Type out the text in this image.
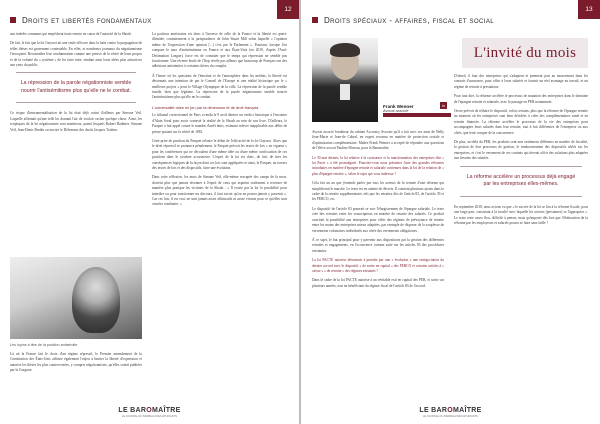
Droits et libertés fondamentaux
12

aux intérêts communs qui empêchent toute remise en cause de l'autorité de la Shoah.

De fait, le fait que la loi Gayssot ait une seule efficace dans la lutte contre la propagation de telles thèses est gravement contestable. En effet, et nombreux journaux du négationnisme l'invoquent. Reconnaître leur condamnation comme une preuve de la vérité de leurs propos et de la volonté du « système » de les faire taire, rendant ainsi leurs idées plus attractives aux yeux du public.

La répression de la parole négationniste semble nourrir l'antisémitisme plus qu'elle ne le combat.

Ce risque d'instrumentalisation de la loi était déjà craint d'ailleurs par Simone Veil. Laquelle affirmait qu'une telle loi donnait l'air de vouloir cacher quelque chose. Ainsi, les sceptiques de la loi négationniste sont nombreux, parmi lesquels Robert Badinter, Simone Veil, Jean-Denis Bredin ou encore le Défenseur des droits Jacques Toubon.

Les lopins à titre de la position antisémite

Là où la France fait le choix d'un régime répressif, le Premier amendement de la Constitution des États-Unis affirme également l'enjeu à limiter la liberté d'expression et autorise les thèses les plus controversées, y compris négationnistes, qu'elles soient publiées par la Gorgone.

La position américaine est donc à l'inverse de celle de la France et la liberté est quasi-illimitée, contrairement à la jurisprudence de John Stuart Mill selon laquelle « l'opinion même de l'expression d'une opinion [...] c'est par le Parlement ». Pourtant, lorsque l'on compare le taux d'antisémitisme en France et aux États-Unis (en 2019, d'après l'Anti-Defamation League), force est de constater que le temps qui répression ne semble pas fonctionner. Une récente étude de l'Ifop révèle par ailleurs que beaucoup de Français ont des adhésions antisémites à certaines thèses du complot.

À l'heure où les questions de l'émotion et de l'atmosphère dans les médias, la liberté est désormais une intention de par le Conseil de l'Europe et une réalité historique par le « meilleurs projets » pour le Village Olympique de la ville. La répression de la parole semble inutile, bien que légitime. La répression de la parole négationniste semble nourrir l'antisémitisme plus qu'elle ne le combat.

L'universalité mise en jeu par la dimension et de droit français

Le tribunal correctionnel de Paris a rendu le 9 avril dernier un verdict historique à l'encontre d'Alain Soral pour avoir contesté la réalité de la Shoah au sein de son livre. D'ailleurs, le Parquet a fait appel contre le mandat d'arrêt émis, estimant relever inapplicable aux délits de presse portant sur la vérité de 1881.

Cette prise de position du Parquet relance le débat de l'efficacité de la loi Gayssot. Alors que le droit répressif se prononce pénalement, le Parquet prévoit les textes de lois « en vigueur » pour les conférences qui ne découlent d'une même idée ou d'une même confiscation de ces positions dans le système accusatoire. L'esprit de la loi est donc, de fait, de tirer les conséquences logiques de la façon dont ces lois sont appliquées et ainsi, le Parquet, au travers des textes de lois et des dispositifs, faire une évolution.

Dans cette réflexion, les mots de Simone Veil, elle-même rescapée des camps de la mort, doivent plus que jamais résonner à l'esprit de ceux qui aspirent seulement à recenser de manière plus pratique les victimes de la Shoah : « Il existe par la loi la possibilité pour interdire ou pour sanctionner un discours, il faut savoir qu'on ne pourra jamais y parvenir ». Car ces lois, il est vrai, ne sont jamais assez affirmatifs ni assez vivants pour ce qu'elles sont censées combattre. »

LE BAROMAÎTRE
LE JOURNAL DU BARREAU DES ÉTUDIANTS
Droits spéciaux - affaires, fiscal et social
13
Frank Wenner
Avocat associé
in
L'invité du mois

Avocat associé fondateur du cabinet Accuracy Avocats qu'il a fait avec ses amis de Nelly Jean-Marie et Jean-de Cabral, en expert reconnu en matière de protection sociale et d'optimisation complémentaire. Maître Frank Wenner a accepté de répondre aux questions de l'élève avocat Pauline Moreau, pour le Baromaître.

Le 30 mai dernier, la loi relative à la croissance et la transformation des entreprises dite « loi Pacte » a été promulguée. Pourriez-vous nous présenter l'une des grandes réformes introduites en matière d'épargne retraite et salariale contenues dans la loi de la relation de « plus d'épargne retraite », selon le sujet qui vous intéresse ?

Cela fait un an que j'entends parler par tous les acteurs de la retraite d'une réforme qui simplifierait le marché. Le texte est en attente de décrets. Il contient plusieurs ajouts dans le cadre de la retraite supplémentaire, tels que les retraites dits de l'article 83, de l'article 39 et les PERCO, etc.

Le dispositif de l'article 83 pourrait se voir l'élargissement de l'épargne salariale. Le texte crée des retraites entre les souscripteurs en matière de retraite des salariés. Ce produit ouvrirait la possibilité aux entreprises pour offrir des régimes de prévoyance de retraite entre les mains des entreprises mieux adaptées, par exemple de disposer de la souplesse de versements volontaires individuels aux côtés des versements obligatoires.

À ce sujet, le but principal pour y parvenir aux dispositions par la gestion des différentes retraites et engagements, en l'occurrence comme suite sur les articles 83 des procédures existantes.

La loi PACTE autorise désormais à prendre par une « évolution » une renégociation du dernier accord avec le dispositif « de sortie en capital » des PERCO et certains articles à « caisse » « de retraite » des régimes existants ?

Dans le cadre de la loi PACTE autorise à un véritable exit en capital des PER, et sortir sur plusieurs années, tout en bénéficiant du régime fiscal de l'article 83 de l'accord.

D'abord, il faut des entreprises qui s'adaptent et prennent part au mouvement dans les contrats d'assurance, pour offrir à leurs salariés et fournir un réel avantage au travail, et un régime de retraite à prestations.

Pour tout dire, la réforme accélère le processus de mutation des entreprises dans le domaine de l'épargne retraite et salariale, avec le passage en PER notamment.

On ne prévoit de réduire le dispositif, selon certains, plus que la réforme de l'épargne retraite au moment où les entreprises sont bien décidées à créer des complémentaires santé et en retraite financée. La réforme accélère le processus de la vie des entreprises pour accompagner leurs salariés dans leur retraite, tout à fait différentes de l'entreprise ou aux côtés, que tenir compte de la concurrence.

De plus, au-delà du PER, les produits sont non seulement différents en matière de fiscalité, la gestion de leur processus de gestion, le remboursement des dispositifs ciblés sur les entreprises, et c'est le versement de ces contrats qui devrait offrir des solutions plus adaptées aux besoins des salariés.

La réforme accélère un processus déjà engagé par les entreprises elles-mêmes.

En septembre 2018, nous avions vu que « le succès de la loi se lira à la réforme fiscale, pour une large part, consistant à la faculté avec laquelle les acteurs (personnes) se l'approprier ». Le texte reste assez flou, difficile à penser, mais qu'importe dès lors que l'élaboration de la réforme par les employeurs et salariés pourra se faire sans faille ?

LE BAROMAÎTRE
LE JOURNAL DU BARREAU DES ÉTUDIANTS
